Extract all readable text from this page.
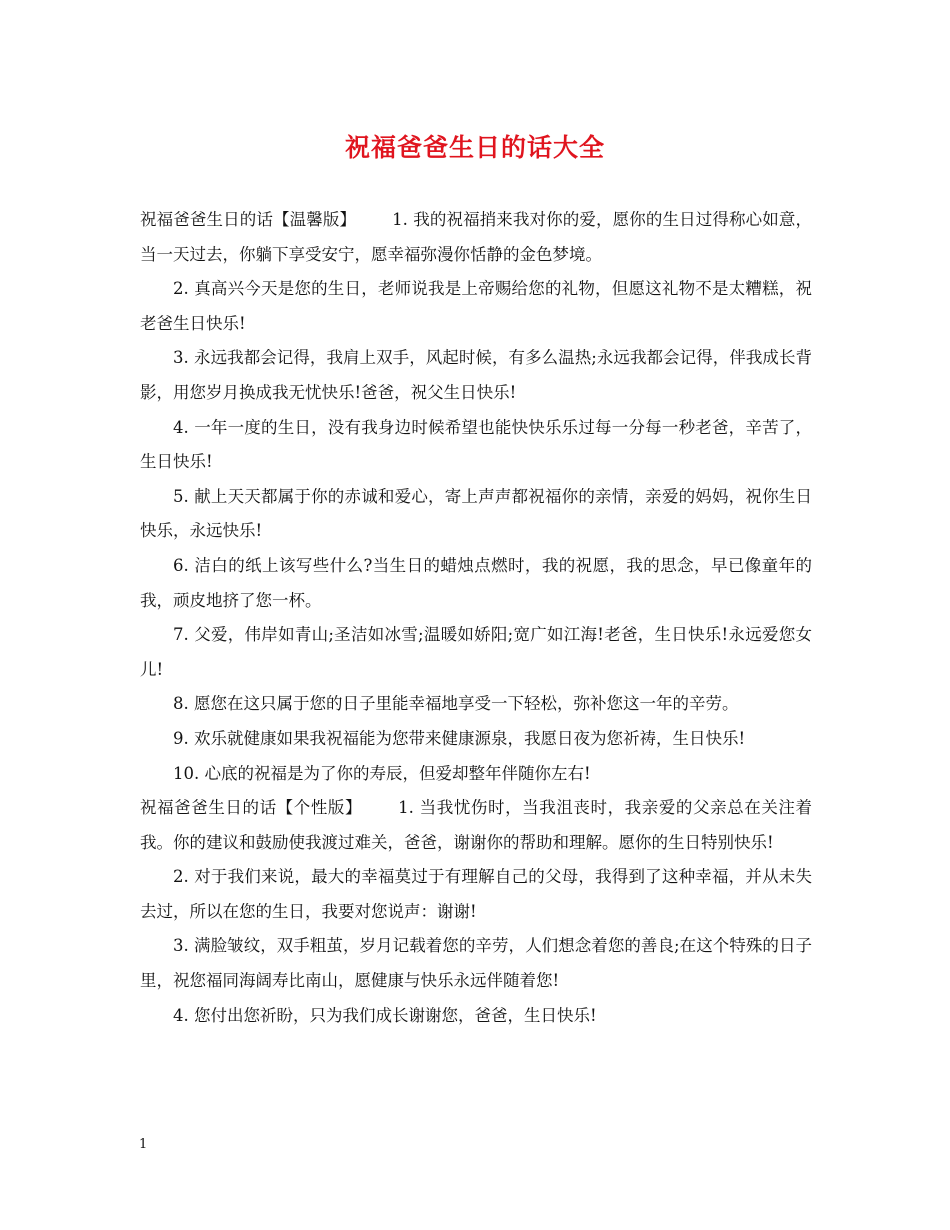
祝福爸爸生日的话大全

祝福爸爸生日的话【温馨版】 1. 我的祝福捎来我对你的爱，愿你的生日过得称心如意，当一天过去，你躺下享受安宁，愿幸福弥漫你恬静的金色梦境。

2. 真高兴今天是您的生日，老师说我是上帝赐给您的礼物，但愿这礼物不是太糟糕，祝老爸生日快乐!

3. 永远我都会记得，我肩上双手，风起时候，有多么温热;永远我都会记得，伴我成长背影，用您岁月换成我无忧快乐!爸爸，祝父生日快乐!

4. 一年一度的生日，没有我身边时候希望也能快快乐乐过每一分每一秒老爸，辛苦了，生日快乐!

5. 献上天天都属于你的赤诚和爱心，寄上声声都祝福你的亲情，亲爱的妈妈，祝你生日快乐，永远快乐!

6. 洁白的纸上该写些什么?当生日的蜡烛点燃时，我的祝愿，我的思念，早已像童年的我，顽皮地挤了您一杯。

7. 父爱，伟岸如青山;圣洁如冰雪;温暖如娇阳;宽广如江海!老爸，生日快乐!永远爱您女儿!

8. 愿您在这只属于您的日子里能幸福地享受一下轻松，弥补您这一年的辛劳。

9. 欢乐就健康如果我祝福能为您带来健康源泉，我愿日夜为您祈祷，生日快乐!

10. 心底的祝福是为了你的寿辰，但爱却整年伴随你左右!

祝福爸爸生日的话【个性版】 1. 当我忧伤时，当我沮丧时，我亲爱的父亲总在关注着我。你的建议和鼓励使我渡过难关，爸爸，谢谢你的帮助和理解。愿你的生日特别快乐!

2. 对于我们来说，最大的幸福莫过于有理解自己的父母，我得到了这种幸福，并从未失去过，所以在您的生日，我要对您说声：谢谢!

3. 满脸皱纹，双手粗茧，岁月记载着您的辛劳，人们想念着您的善良;在这个特殊的日子里，祝您福同海阔寿比南山，愿健康与快乐永远伴随着您!

4. 您付出您祈盼，只为我们成长谢谢您，爸爸，生日快乐!

1
